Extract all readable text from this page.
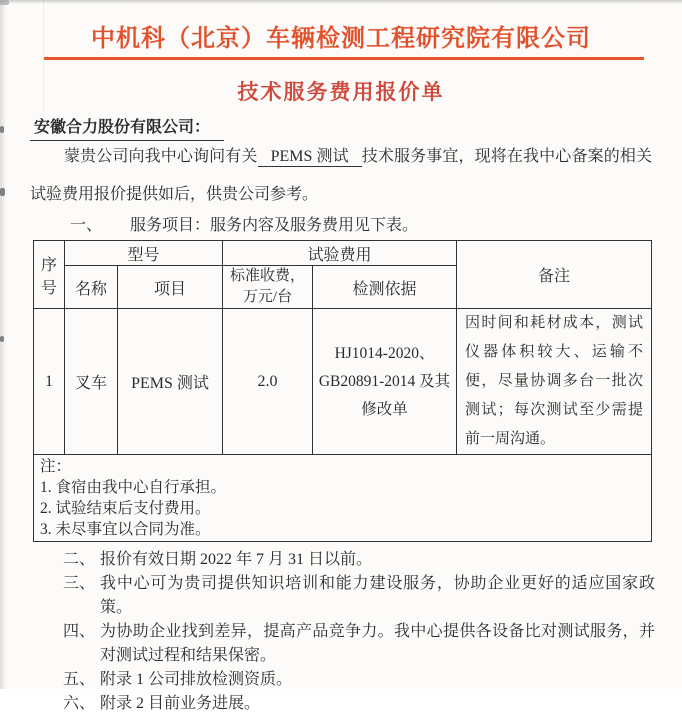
中机科（北京）车辆检测工程研究院有限公司
技术服务费用报价单
安徽合力股份有限公司：

蒙贵公司向我中心询问有关 PEMS 测试 技术服务事宜，现将在我中心备案的相关试验费用报价提供如后，供贵公司参考。

一、 服务项目：服务内容及服务费用见下表。
序号	型号		试验费用		备注
	名称	项目	标准收费，万元/台	检测依据	
1	叉车	PEMS 测试	2.0	HJ1014-2020、GB20891-2014 及其修改单	因时间和耗材成本，测试仪器体积较大、运输不便，尽量协调多台一批次测试；每次测试至少需提前一周沟通。

注：
1. 食宿由我中心自行承担。
2. 试验结束后支付费用。
3. 未尽事宜以合同为准。					
二、 报价有效日期 2022 年 7 月 31 日以前。
三、 我中心可为贵司提供知识培训和能力建设服务，协助企业更好的适应国家政策。
四、 为协助企业找到差异，提高产品竞争力。我中心提供各设备比对测试服务，并对测试过程和结果保密。
五、 附录 1 公司排放检测资质。
六、 附录 2 目前业务进展。
